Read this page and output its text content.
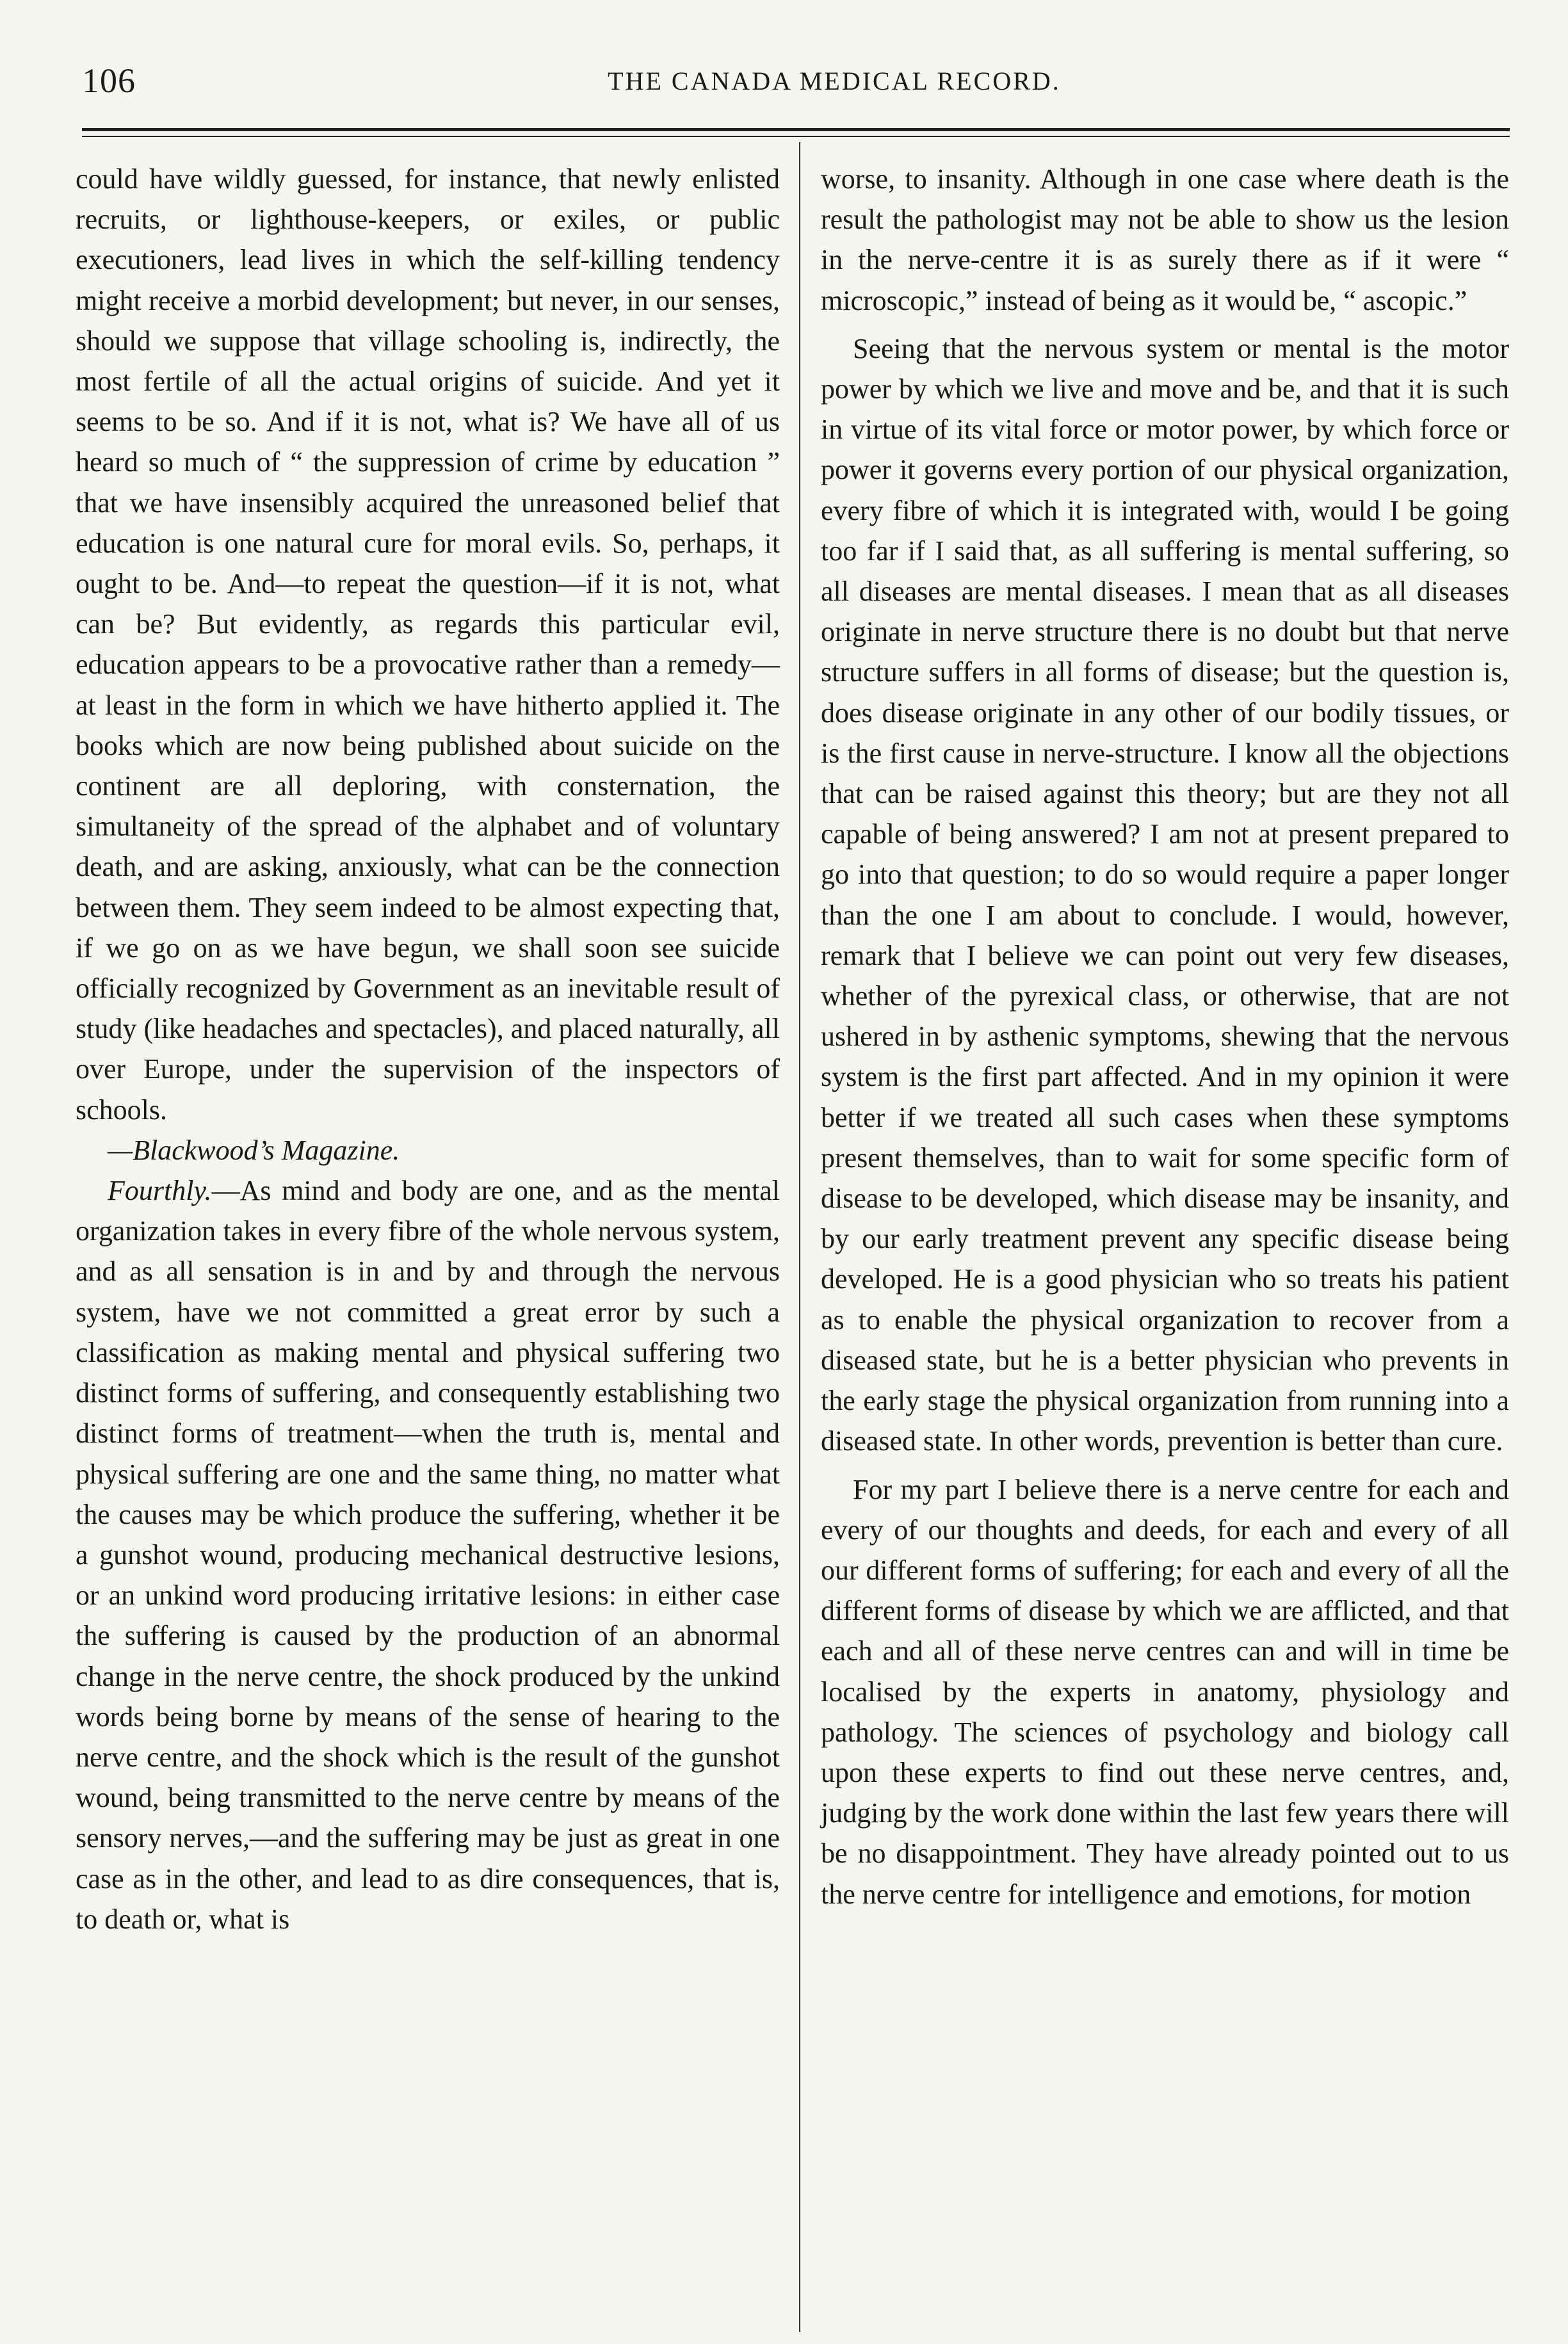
106	THE CANADA MEDICAL RECORD.

could have wildly guessed, for instance, that newly enlisted recruits, or lighthouse-keepers, or exiles, or public executioners, lead lives in which the self-killing tendency might receive a morbid development; but never, in our senses, should we suppose that village schooling is, indirectly, the most fertile of all the actual origins of suicide. And yet it seems to be so. And if it is not, what is? We have all of us heard so much of “ the suppression of crime by education ” that we have insensibly acquired the unreasoned belief that education is one natural cure for moral evils. So, perhaps, it ought to be. And—to repeat the question—if it is not, what can be? But evidently, as regards this particular evil, education appears to be a provocative rather than a remedy—at least in the form in which we have hitherto applied it. The books which are now being published about suicide on the continent are all deploring, with consternation, the simultaneity of the spread of the alphabet and of voluntary death, and are asking, anxiously, what can be the connection between them. They seem indeed to be almost expecting that, if we go on as we have begun, we shall soon see suicide officially recognized by Government as an inevitable result of study (like headaches and spectacles), and placed naturally, all over Europe, under the supervision of the inspectors of schools.

—Blackwood’s Magazine.

Fourthly.—As mind and body are one, and as the mental organization takes in every fibre of the whole nervous system, and as all sensation is in and by and through the nervous system, have we not committed a great error by such a classification as making mental and physical suffering two distinct forms of suffering, and consequently establishing two distinct forms of treatment—when the truth is, mental and physical suffering are one and the same thing, no matter what the causes may be which produce the suffering, whether it be a gunshot wound, producing mechanical destructive lesions, or an unkind word producing irritative lesions: in either case the suffering is caused by the production of an abnormal change in the nerve centre, the shock produced by the unkind words being borne by means of the sense of hearing to the nerve centre, and the shock which is the result of the gunshot wound, being transmitted to the nerve centre by means of the sensory nerves,—and the suffering may be just as great in one case as in the other, and lead to as dire consequences, that is, to death or, what is

worse, to insanity. Although in one case where death is the result the pathologist may not be able to show us the lesion in the nerve-centre it is as surely there as if it were “ microscopic,” instead of being as it would be, “ ascopic.”

Seeing that the nervous system or mental is the motor power by which we live and move and be, and that it is such in virtue of its vital force or motor power, by which force or power it governs every portion of our physical organization, every fibre of which it is integrated with, would I be going too far if I said that, as all suffering is mental suffering, so all diseases are mental diseases. I mean that as all diseases originate in nerve structure there is no doubt but that nerve structure suffers in all forms of disease; but the question is, does disease originate in any other of our bodily tissues, or is the first cause in nerve-structure. I know all the objections that can be raised against this theory; but are they not all capable of being answered? I am not at present prepared to go into that question; to do so would require a paper longer than the one I am about to conclude. I would, however, remark that I believe we can point out very few diseases, whether of the pyrexical class, or otherwise, that are not ushered in by asthenic symptoms, shewing that the nervous system is the first part affected. And in my opinion it were better if we treated all such cases when these symptoms present themselves, than to wait for some specific form of disease to be developed, which disease may be insanity, and by our early treatment prevent any specific disease being developed. He is a good physician who so treats his patient as to enable the physical organization to recover from a diseased state, but he is a better physician who prevents in the early stage the physical organization from running into a diseased state. In other words, prevention is better than cure.

For my part I believe there is a nerve centre for each and every of our thoughts and deeds, for each and every of all our different forms of suffering; for each and every of all the different forms of disease by which we are afflicted, and that each and all of these nerve centres can and will in time be localised by the experts in anatomy, physiology and pathology. The sciences of psychology and biology call upon these experts to find out these nerve centres, and, judging by the work done within the last few years there will be no disappointment. They have already pointed out to us the nerve centre for intelligence and emotions, for motion
